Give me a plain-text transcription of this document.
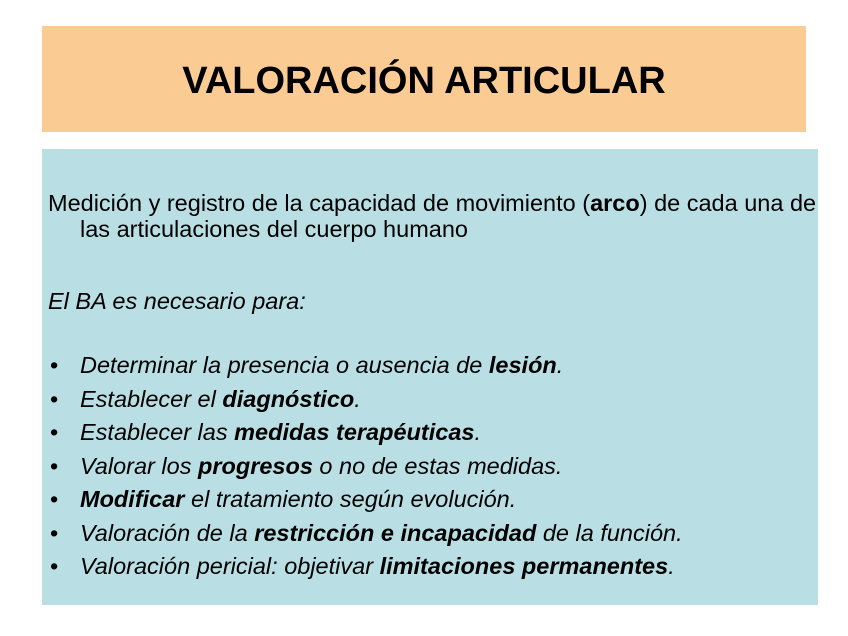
VALORACIÓN ARTICULAR
Medición y registro de la capacidad de movimiento (arco) de cada una de las articulaciones del cuerpo humano
El BA es necesario para:
• Determinar la presencia o ausencia de lesión.
• Establecer el diagnóstico.
• Establecer las medidas terapéuticas.
• Valorar los progresos o no de estas medidas.
• Modificar el tratamiento según evolución.
• Valoración de la restricción e incapacidad de la función.
• Valoración pericial: objetivar limitaciones permanentes.
